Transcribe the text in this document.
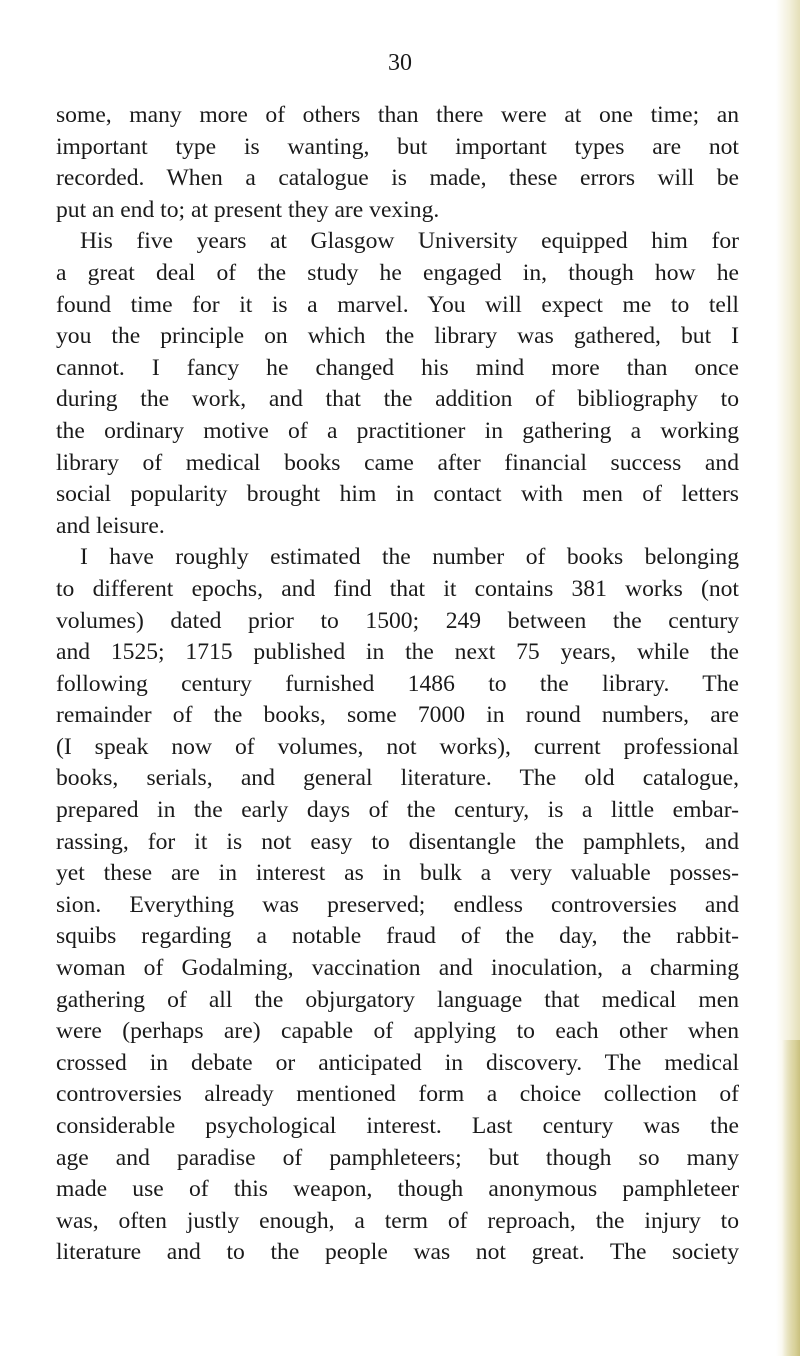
30
some, many more of others than there were at one time; an
important type is wanting, but important types are not
recorded. When a catalogue is made, these errors will be
put an end to; at present they are vexing.
His five years at Glasgow University equipped him for
a great deal of the study he engaged in, though how he
found time for it is a marvel. You will expect me to tell
you the principle on which the library was gathered, but I
cannot. I fancy he changed his mind more than once
during the work, and that the addition of bibliography to
the ordinary motive of a practitioner in gathering a working
library of medical books came after financial success and
social popularity brought him in contact with men of letters
and leisure.
I have roughly estimated the number of books belonging
to different epochs, and find that it contains 381 works (not
volumes) dated prior to 1500; 249 between the century
and 1525; 1715 published in the next 75 years, while the
following century furnished 1486 to the library. The
remainder of the books, some 7000 in round numbers, are
(I speak now of volumes, not works), current professional
books, serials, and general literature. The old catalogue,
prepared in the early days of the century, is a little embar-
rassing, for it is not easy to disentangle the pamphlets, and
yet these are in interest as in bulk a very valuable posses-
sion. Everything was preserved; endless controversies and
squibs regarding a notable fraud of the day, the rabbit-
woman of Godalming, vaccination and inoculation, a charming
gathering of all the objurgatory language that medical men
were (perhaps are) capable of applying to each other when
crossed in debate or anticipated in discovery. The medical
controversies already mentioned form a choice collection of
considerable psychological interest. Last century was the
age and paradise of pamphleteers; but though so many
made use of this weapon, though anonymous pamphleteer
was, often justly enough, a term of reproach, the injury to
literature and to the people was not great. The society
